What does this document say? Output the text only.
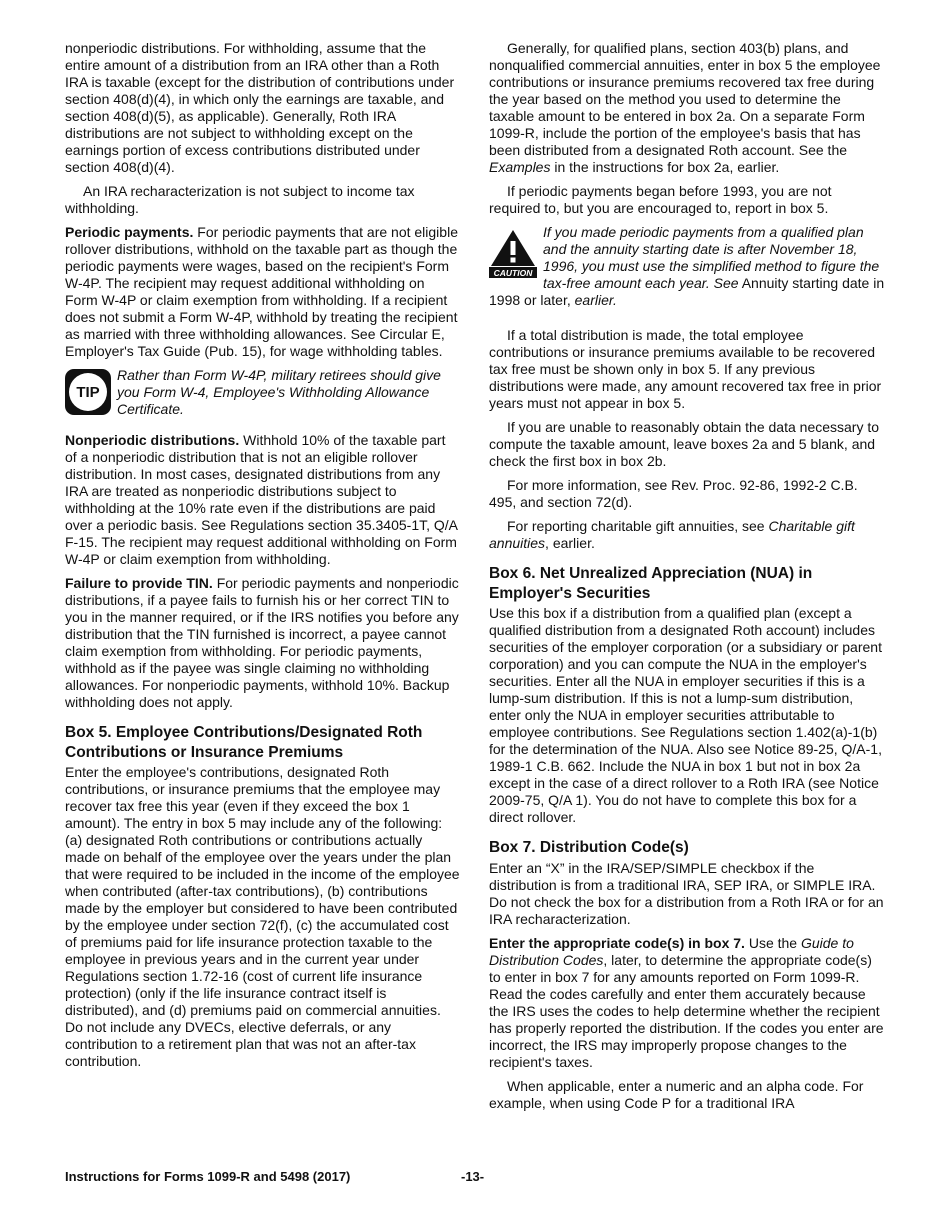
nonperiodic distributions. For withholding, assume that the entire amount of a distribution from an IRA other than a Roth IRA is taxable (except for the distribution of contributions under section 408(d)(4), in which only the earnings are taxable, and section 408(d)(5), as applicable). Generally, Roth IRA distributions are not subject to withholding except on the earnings portion of excess contributions distributed under section 408(d)(4).

An IRA recharacterization is not subject to income tax withholding.

Periodic payments. For periodic payments that are not eligible rollover distributions, withhold on the taxable part as though the periodic payments were wages, based on the recipient's Form W-4P. The recipient may request additional withholding on Form W-4P or claim exemption from withholding. If a recipient does not submit a Form W-4P, withhold by treating the recipient as married with three withholding allowances. See Circular E, Employer's Tax Guide (Pub. 15), for wage withholding tables.

TIP
Rather than Form W-4P, military retirees should give you Form W-4, Employee's Withholding Allowance Certificate.

Nonperiodic distributions. Withhold 10% of the taxable part of a nonperiodic distribution that is not an eligible rollover distribution. In most cases, designated distributions from any IRA are treated as nonperiodic distributions subject to withholding at the 10% rate even if the distributions are paid over a periodic basis. See Regulations section 35.3405-1T, Q/A F-15. The recipient may request additional withholding on Form W-4P or claim exemption from withholding.

Failure to provide TIN. For periodic payments and nonperiodic distributions, if a payee fails to furnish his or her correct TIN to you in the manner required, or if the IRS notifies you before any distribution that the TIN furnished is incorrect, a payee cannot claim exemption from withholding. For periodic payments, withhold as if the payee was single claiming no withholding allowances. For nonperiodic payments, withhold 10%. Backup withholding does not apply.

Box 5. Employee Contributions/Designated Roth Contributions or Insurance Premiums

Enter the employee's contributions, designated Roth contributions, or insurance premiums that the employee may recover tax free this year (even if they exceed the box 1 amount). The entry in box 5 may include any of the following: (a) designated Roth contributions or contributions actually made on behalf of the employee over the years under the plan that were required to be included in the income of the employee when contributed (after-tax contributions), (b) contributions made by the employer but considered to have been contributed by the employee under section 72(f), (c) the accumulated cost of premiums paid for life insurance protection taxable to the employee in previous years and in the current year under Regulations section 1.72-16 (cost of current life insurance protection) (only if the life insurance contract itself is distributed), and (d) premiums paid on commercial annuities. Do not include any DVECs, elective deferrals, or any contribution to a retirement plan that was not an after-tax contribution.

Generally, for qualified plans, section 403(b) plans, and nonqualified commercial annuities, enter in box 5 the employee contributions or insurance premiums recovered tax free during the year based on the method you used to determine the taxable amount to be entered in box 2a. On a separate Form 1099-R, include the portion of the employee's basis that has been distributed from a designated Roth account. See the Examples in the instructions for box 2a, earlier.

If periodic payments began before 1993, you are not required to, but you are encouraged to, report in box 5.

CAUTION
If you made periodic payments from a qualified plan and the annuity starting date is after November 18, 1996, you must use the simplified method to figure the tax-free amount each year. See Annuity starting date in 1998 or later, earlier.

If a total distribution is made, the total employee contributions or insurance premiums available to be recovered tax free must be shown only in box 5. If any previous distributions were made, any amount recovered tax free in prior years must not appear in box 5.

If you are unable to reasonably obtain the data necessary to compute the taxable amount, leave boxes 2a and 5 blank, and check the first box in box 2b.

For more information, see Rev. Proc. 92-86, 1992-2 C.B. 495, and section 72(d).

For reporting charitable gift annuities, see Charitable gift annuities, earlier.

Box 6. Net Unrealized Appreciation (NUA) in Employer's Securities

Use this box if a distribution from a qualified plan (except a qualified distribution from a designated Roth account) includes securities of the employer corporation (or a subsidiary or parent corporation) and you can compute the NUA in the employer's securities. Enter all the NUA in employer securities if this is a lump-sum distribution. If this is not a lump-sum distribution, enter only the NUA in employer securities attributable to employee contributions. See Regulations section 1.402(a)-1(b) for the determination of the NUA. Also see Notice 89-25, Q/A-1, 1989-1 C.B. 662. Include the NUA in box 1 but not in box 2a except in the case of a direct rollover to a Roth IRA (see Notice 2009-75, Q/A 1). You do not have to complete this box for a direct rollover.

Box 7. Distribution Code(s)

Enter an “X” in the IRA/SEP/SIMPLE checkbox if the distribution is from a traditional IRA, SEP IRA, or SIMPLE IRA. Do not check the box for a distribution from a Roth IRA or for an IRA recharacterization.

Enter the appropriate code(s) in box 7. Use the Guide to Distribution Codes, later, to determine the appropriate code(s) to enter in box 7 for any amounts reported on Form 1099-R. Read the codes carefully and enter them accurately because the IRS uses the codes to help determine whether the recipient has properly reported the distribution. If the codes you enter are incorrect, the IRS may improperly propose changes to the recipient's taxes.

When applicable, enter a numeric and an alpha code. For example, when using Code P for a traditional IRA

Instructions for Forms 1099-R and 5498 (2017)	-13-
